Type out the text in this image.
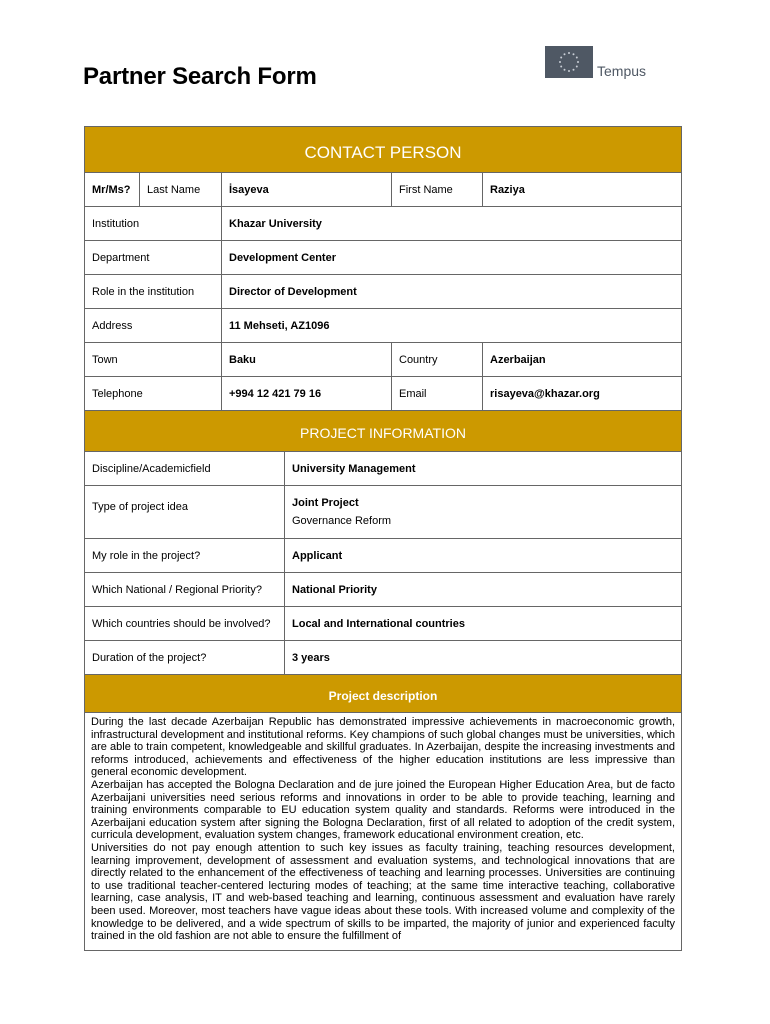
Partner Search Form	Tempus
CONTACT PERSON
Mr/Ms?	Last Name	İsayeva	First Name	Raziya
Institution	Khazar University
Department	Development Center
Role in the institution	Director of Development
Address	11 Mehseti, AZ1096
Town	Baku	Country	Azerbaijan
Telephone	+994 12 421 79 16	Email	risayeva@khazar.org
PROJECT INFORMATION
Discipline/Academicfield	University Management
Type of project idea	Joint Project
Governance Reform
My role in the project?	Applicant
Which National / Regional Priority?	National Priority
Which countries should be involved?	Local and International countries
Duration of the project?	3 years
Project description

During the last decade Azerbaijan Republic has demonstrated impressive achievements in macroeconomic growth, infrastructural development and institutional reforms. Key champions of such global changes must be universities, which are able to train competent, knowledgeable and skillful graduates. In Azerbaijan, despite the increasing investments and reforms introduced, achievements and effectiveness of the higher education institutions are less impressive than general economic development.

Azerbaijan has accepted the Bologna Declaration and de jure joined the European Higher Education Area, but de facto Azerbaijani universities need serious reforms and innovations in order to be able to provide teaching, learning and training environments comparable to EU education system quality and standards. Reforms were introduced in the Azerbaijani education system after signing the Bologna Declaration, first of all related to adoption of the credit system, curricula development, evaluation system changes, framework educational environment creation, etc.

Universities do not pay enough attention to such key issues as faculty training, teaching resources development, learning improvement, development of assessment and evaluation systems, and technological innovations that are directly related to the enhancement of the effectiveness of teaching and learning processes. Universities are continuing to use traditional teacher-centered lecturing modes of teaching; at the same time interactive teaching, collaborative learning, case analysis, IT and web-based teaching and learning, continuous assessment and evaluation have rarely been used. Moreover, most teachers have vague ideas about these tools. With increased volume and complexity of the knowledge to be delivered, and a wide spectrum of skills to be imparted, the majority of junior and experienced faculty trained in the old fashion are not able to ensure the fulfillment of
